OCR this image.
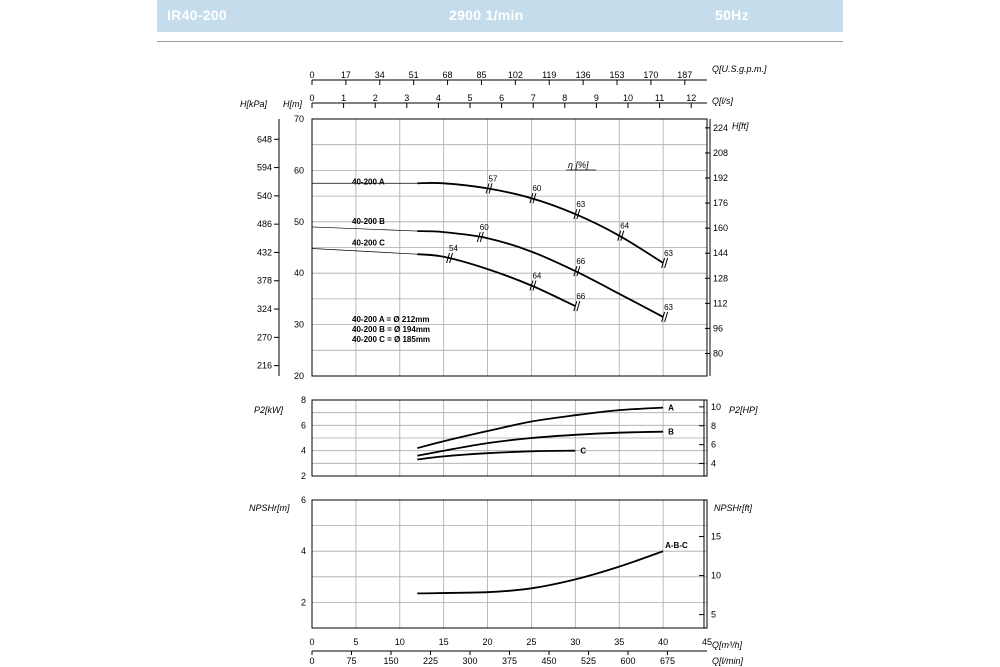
IR40-200	2900 1/min	50Hz
0	17	34	51	68	85 102 119 136 153 170 187
0	1	2	3	4	5	6	7	8	9	10 11 12
Q[U.S.g.p.m.]
Q[l/s]
0	5	10	15	20	25	30	35	40	45
0	75	150	225	300	375	450	525	600	675
Q[m³/h]
Q[l/min]
20
30
40
50
60
70
216
270
324
378
432
486
540
594
648
H[kPa] H[m]
80
96
112
128
144
160
176
192
208
224 H[ft]
2
4
6
8
P2[kW]
4
6
8
10 P2[HP]
2
4
6
NPSHr[m]
5
10
15
NPSHr[ft]
40-200 A
40-200 B
40-200 C
57
60
63
64
63
60
66
63
54
64
66
η [%]
40-200 A = Ø 212mm
40-200 B = Ø 194mm
40-200 C = Ø 185mm
A
B
C
A-B-C
